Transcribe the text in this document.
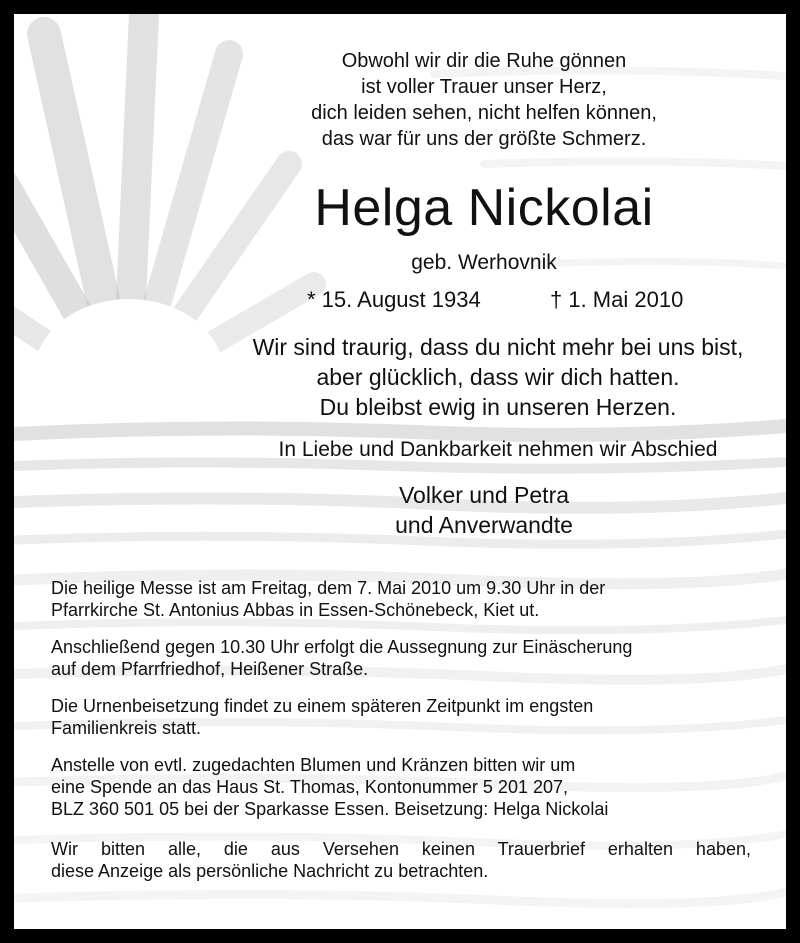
Obwohl wir dir die Ruhe gönnen
ist voller Trauer unser Herz,
dich leiden sehen, nicht helfen können,
das war für uns der größte Schmerz.
Helga Nickolai
geb. Werhovnik
* 15. August 1934	† 1. Mai 2010
Wir sind traurig, dass du nicht mehr bei uns bist,
aber glücklich, dass wir dich hatten.
Du bleibst ewig in unseren Herzen.
In Liebe und Dankbarkeit nehmen wir Abschied
Volker und Petra
und Anverwandte
Die heilige Messe ist am Freitag, dem 7. Mai 2010 um 9.30 Uhr in der
Pfarrkirche St. Antonius Abbas in Essen-Schönebeck, Kiet ut.
Anschließend gegen 10.30 Uhr erfolgt die Aussegnung zur Einäscherung
auf dem Pfarrfriedhof, Heißener Straße.
Die Urnenbeisetzung findet zu einem späteren Zeitpunkt im engsten
Familienkreis statt.
Anstelle von evtl. zugedachten Blumen und Kränzen bitten wir um
eine Spende an das Haus St. Thomas, Kontonummer 5 201 207,
BLZ 360 501 05 bei der Sparkasse Essen. Beisetzung: Helga Nickolai
Wir bitten alle, die aus Versehen keinen Trauerbrief erhalten haben,
diese Anzeige als persönliche Nachricht zu betrachten.
